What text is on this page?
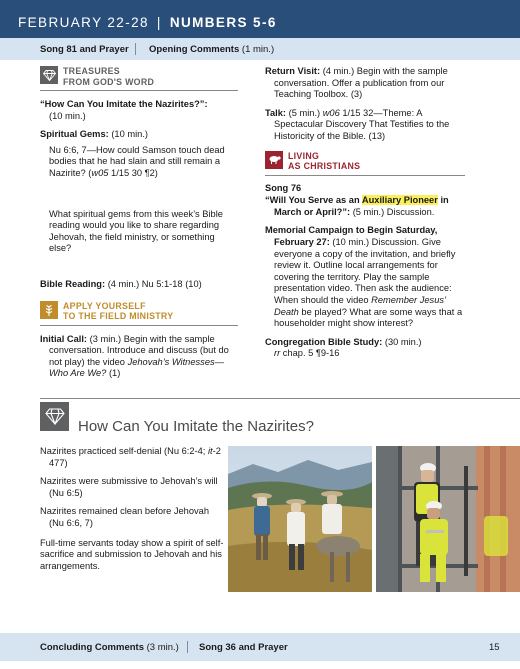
FEBRUARY 22-28 | NUMBERS 5-6
Song 81 and Prayer Opening Comments (1 min.)
TREASURES
FROM GOD'S WORD
“How Can You Imitate the Nazirites?”:
(10 min.)
Spiritual Gems: (10 min.)
Nu 6:6, 7—How could Samson touch dead bodies that he had slain and still remain a Nazirite? (w05 1/15 30 ¶2)
What spiritual gems from this week’s Bible reading would you like to share regarding Jehovah, the field ministry, or something else?
Bible Reading: (4 min.) Nu 5:1-18 (10)
APPLY YOURSELF
TO THE FIELD MINISTRY
Initial Call: (3 min.) Begin with the sample conversation. Introduce and discuss (but do not play) the video Jehovah’s Witnesses—Who Are We? (1)
Return Visit: (4 min.) Begin with the sample conversation. Offer a publication from our Teaching Toolbox. (3)
Talk: (5 min.) w06 1/15 32—Theme: A Spectacular Discovery That Testifies to the Historicity of the Bible. (13)
LIVING
AS CHRISTIANS
Song 76
“Will You Serve as an Auxiliary Pioneer in March or April?”: (5 min.) Discussion.
Memorial Campaign to Begin Saturday, February 27: (10 min.) Discussion. Give everyone a copy of the invitation, and briefly review it. Outline local arrangements for covering the territory. Play the sample presentation video. Then ask the audience: When should the video Remember Jesus’ Death be played? What are some ways that a householder might show interest?
Congregation Bible Study: (30 min.)
rr chap. 5 ¶9-16
How Can You Imitate the Nazirites?

Nazirites practiced self-denial (Nu 6:2-4; it-2 477)

Nazirites were submissive to Jehovah’s will (Nu 6:5)

Nazirites remained clean before Jehovah (Nu 6:6, 7)

Full-time servants today show a spirit of self-sacrifice and submission to Jehovah and his arrangements.

Concluding Comments (3 min.) Song 36 and Prayer	15
